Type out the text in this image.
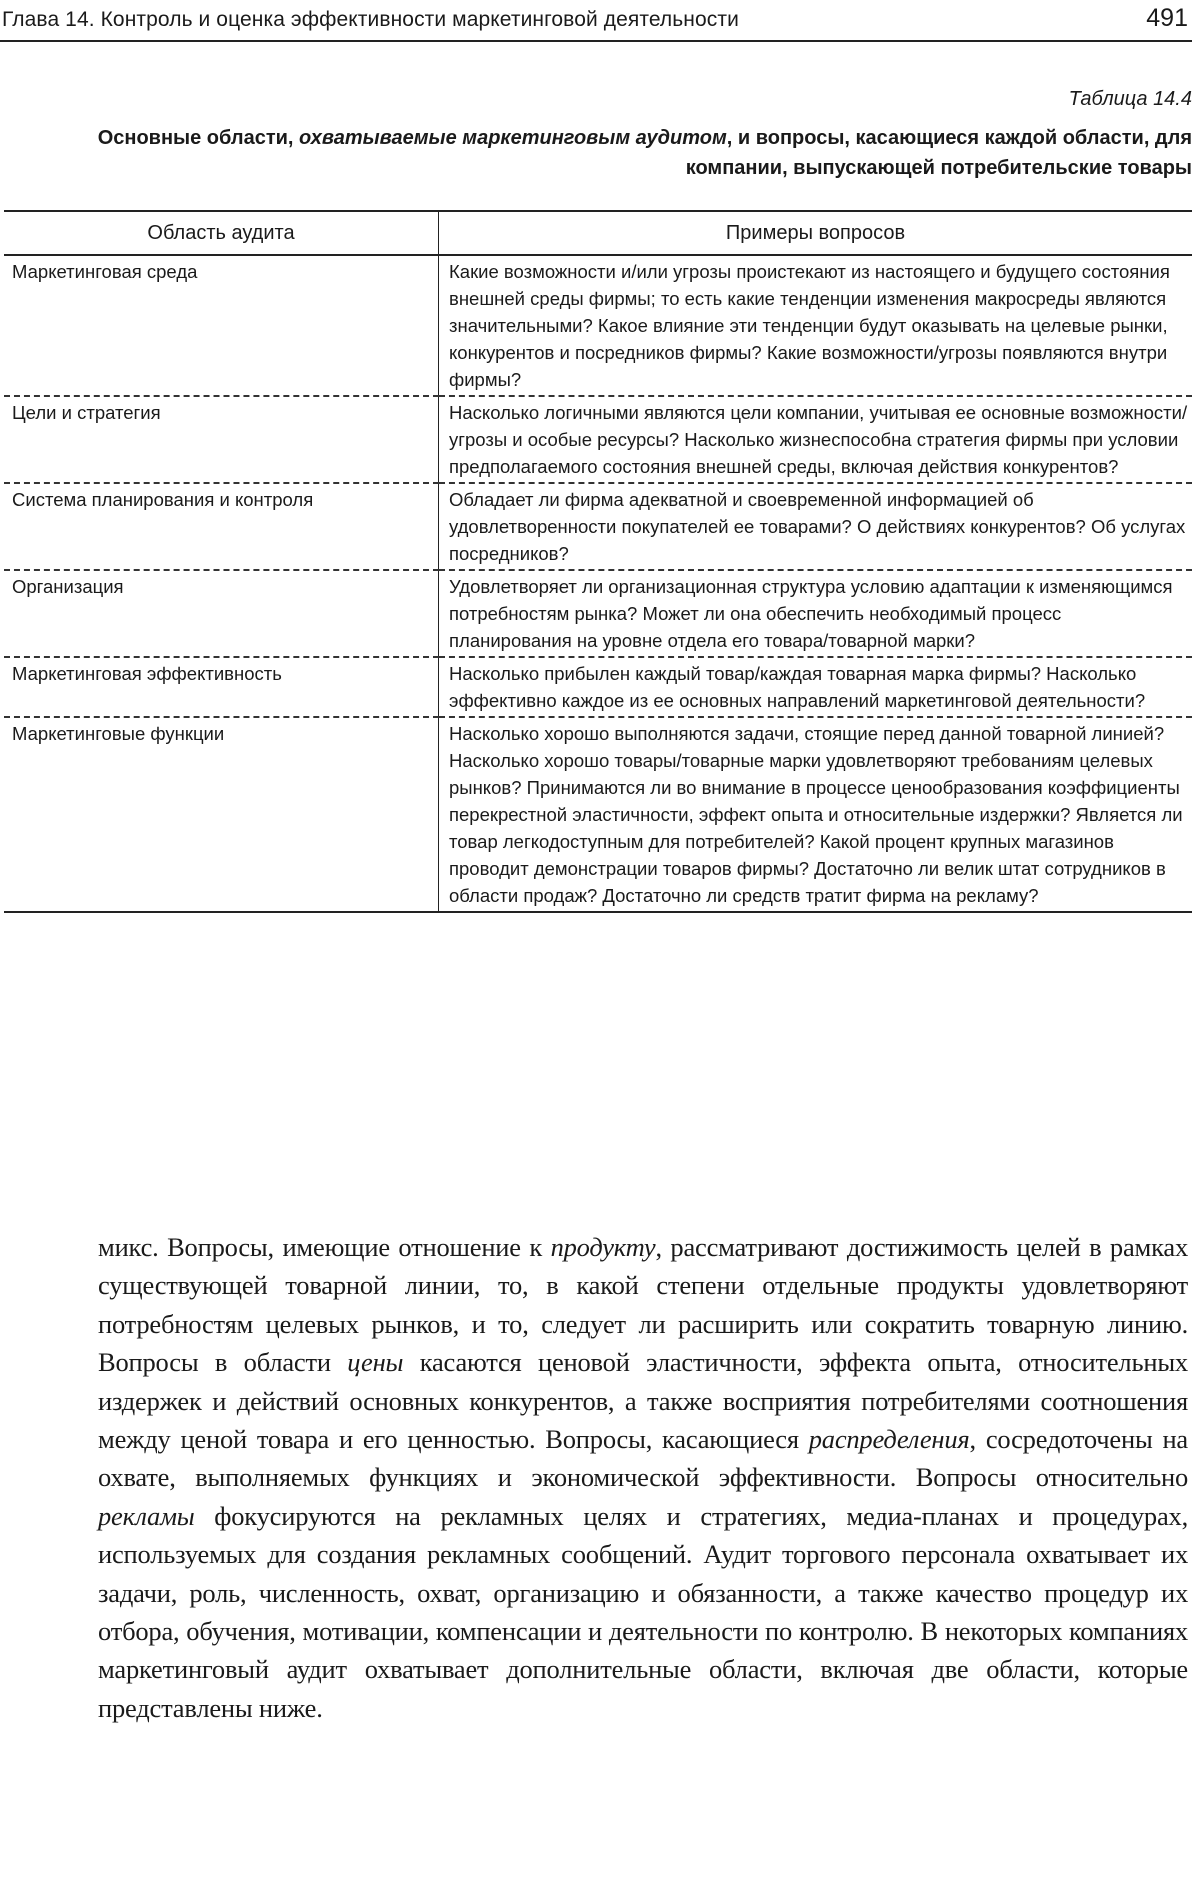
Глава 14. Контроль и оценка эффективности маркетинговой деятельности	491
Таблица 14.4
Основные области, охватываемые маркетинговым аудитом, и вопросы, касающиеся каждой области, для компании, выпускающей потребительские товары
Область аудита	Примеры вопросов
Маркетинговая среда	Какие возможности и/или угрозы проистекают из настоящего и будущего состояния внешней среды фирмы; то есть какие тенденции изменения макросреды являются значительными? Какое влияние эти тенденции будут оказывать на целевые рынки, конкурентов и посредников фирмы? Какие возможности/угрозы появляются внутри фирмы?
Цели и стратегия	Насколько логичными являются цели компании, учитывая ее основные возможности/угрозы и особые ресурсы? Насколько жизнеспособна стратегия фирмы при условии предполагаемого состояния внешней среды, включая действия конкурентов?
Система планирования и контроля	Обладает ли фирма адекватной и своевременной информацией об удовлетворенности покупателей ее товарами? О действиях конкурентов? Об услугах посредников?
Организация	Удовлетворяет ли организационная структура условию адаптации к изменяющимся потребностям рынка? Может ли она обеспечить необходимый процесс планирования на уровне отдела его товара/товарной марки?
Маркетинговая эффективность	Насколько прибылен каждый товар/каждая товарная марка фирмы? Насколько эффективно каждое из ее основных направлений маркетинговой деятельности?
Маркетинговые функции	Насколько хорошо выполняются задачи, стоящие перед данной товарной линией? Насколько хорошо товары/товарные марки удовлетворяют требованиям целевых рынков? Принимаются ли во внимание в процессе ценообразования коэффициенты перекрестной эластичности, эффект опыта и относительные издержки? Является ли товар легкодоступным для потребителей? Какой процент крупных магазинов проводит демонстрации товаров фирмы? Достаточно ли велик штат сотрудников в области продаж? Достаточно ли средств тратит фирма на рекламу?

микс. Вопросы, имеющие отношение к продукту, рассматривают достижимость целей в рамках существующей товарной линии, то, в какой степени отдельные продукты удовлетворяют потребностям целевых рынков, и то, следует ли расширить или сократить товарную линию. Вопросы в области цены касаются ценовой эластичности, эффекта опыта, относительных издержек и действий основных конкурентов, а также восприятия потребителями соотношения между ценой товара и его ценностью. Вопросы, касающиеся распределения, сосредоточены на охвате, выполняемых функциях и экономической эффективности. Вопросы относительно рекламы фокусируются на рекламных целях и стратегиях, медиа-планах и процедурах, используемых для создания рекламных сообщений. Аудит торгового персонала охватывает их задачи, роль, численность, охват, организацию и обязанности, а также качество процедур их отбора, обучения, мотивации, компенсации и деятельности по контролю. В некоторых компаниях маркетинговый аудит охватывает дополнительные области, включая две области, которые представлены ниже.
